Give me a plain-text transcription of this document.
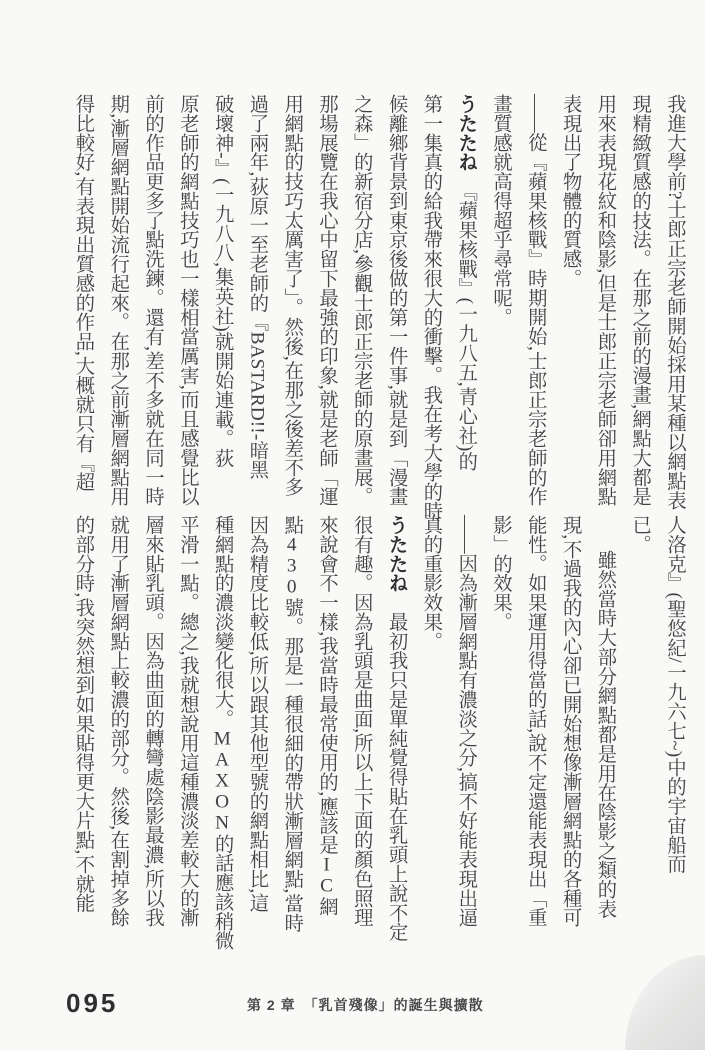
我進大學前?士郎正宗老師開始採用某種以網點表
現精緻質感的技法。在那之前的漫畫,網點大都是
用來表現花紋和陰影,但是士郎正宗老師卻用網點
表現出了物體的質感。
——從『蘋果核戰』時期開始,士郎正宗老師的作
畫質感就高得超乎尋常呢。
うたたね　『蘋果核戰』(一九八五,青心社)的
第一集真的給我帶來很大的衝擊。我在考大學的時
候離鄉背景到東京後做的第一件事,就是到「漫畫
之森」的新宿分店,參觀士郎正宗老師的原畫展。
那場展覽在我心中留下最強的印象,就是老師「運
用網點的技巧太厲害了」。然後,在那之後差不多
過了兩年,荻原一至老師的『BASTARD!!-暗黑
破壞神-』(一九八八,集英社)就開始連載。荻
原老師的網點技巧也一樣相當厲害,而且感覺比以
前的作品更多了點洗鍊。還有,差不多就在同一時
期,漸層網點開始流行起來。在那之前漸層網點用
得比較好,有表現出質感的作品,大概就只有『超
人洛克』(聖悠紀/一九六七~)中的宇宙船而
已。
雖然當時大部分網點都是用在陰影之類的表
現,不過我的內心卻已開始想像漸層網點的各種可
能性。如果運用得當的話,說不定還能表現出「重
影」的效果。
——因為漸層網點有濃淡之分,搞不好能表現出逼
真的重影效果。
うたたね　最初我只是單純覺得貼在乳頭上說不定
很有趣。因為乳頭是曲面,所以上下面的顏色照理
來說會不一樣,我當時最常使用的,應該是IC網
點430號。那是一種很細的帶狀漸層網點,當時
因為精度比較低,所以跟其他型號的網點相比,這
種網點的濃淡變化很大。MAXON的話應該稍微
平滑一點。總之,我就想說用這種濃淡差較大的漸
層來貼乳頭。因為曲面的轉彎處陰影最濃,所以我
就用了漸層網點上較濃的部分。然後,在割掉多餘
的部分時,我突然想到如果貼得更大片點,不就能
095	第 2 章　「乳首殘像」的誕生與擴散
